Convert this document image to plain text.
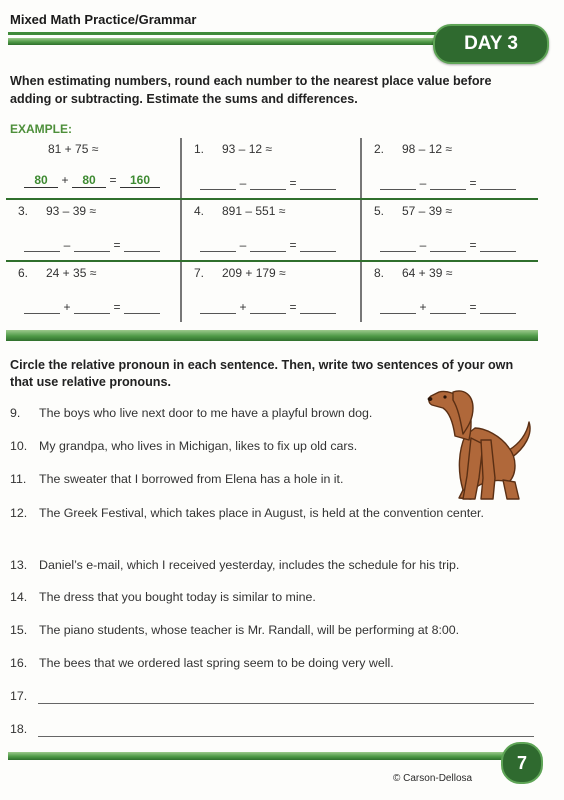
Mixed Math Practice/Grammar
DAY 3
When estimating numbers, round each number to the nearest place value before
adding or subtracting. Estimate the sums and differences.
EXAMPLE:
81 + 75 ≈
80 + 80 = 160
1. 93 – 12 ≈
–	=
2. 98 – 12 ≈
–	=
3. 93 – 39 ≈
–	=
4. 891 – 551 ≈
–	=
5. 57 – 39 ≈
–	=
6. 24 + 35 ≈
+	=
7. 209 + 179 ≈
+	=
8. 64 + 39 ≈
+	=
Circle the relative pronoun in each sentence. Then, write two sentences of your own
that use relative pronouns.
9.	The boys who live next door to me have a playful brown dog.
10. My grandpa, who lives in Michigan, likes to fix up old cars.
11.	The sweater that I borrowed from Elena has a hole in it.
12. The Greek Festival, which takes place in August, is held at the convention center.
13. Daniel’s e-mail, which I received yesterday, includes the schedule for his trip.
14. The dress that you bought today is similar to mine.
15. The piano students, whose teacher is Mr. Randall, will be performing at 8:00.
16. The bees that we ordered last spring seem to be doing very well.
17.
18.
7
© Carson-Dellosa
